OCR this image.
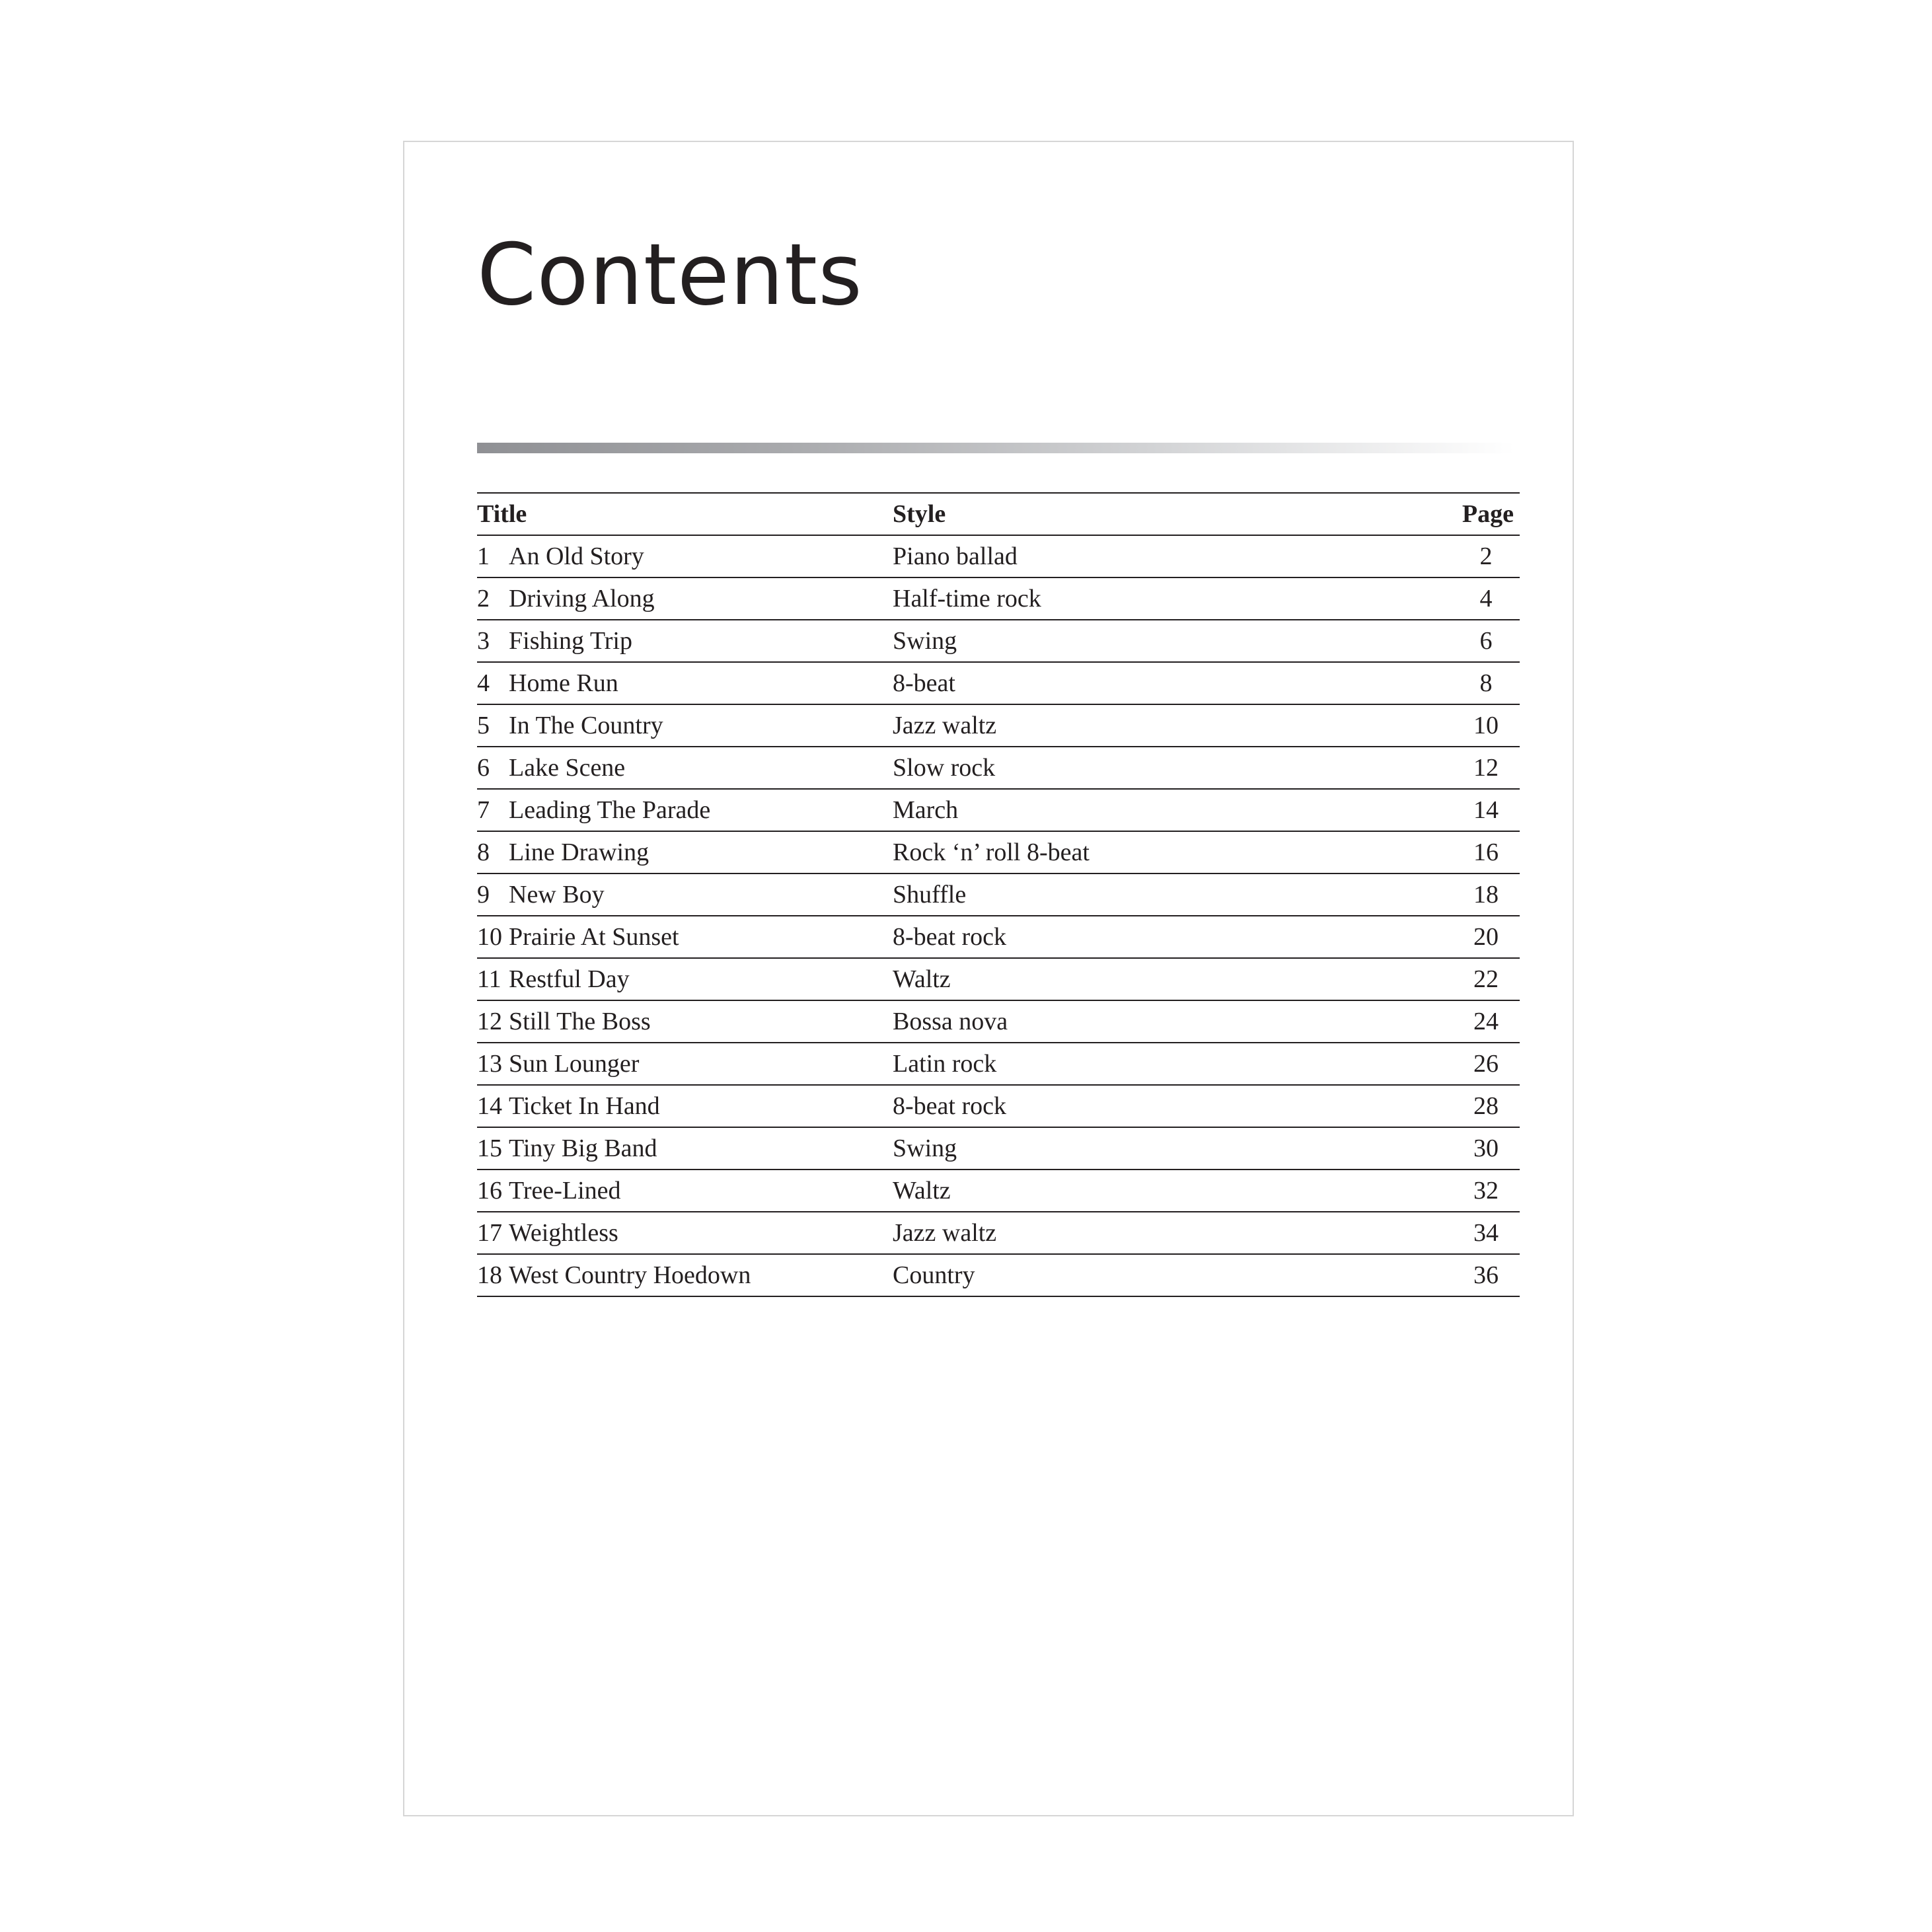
Contents
Title	Style	Page
1 An Old Story	Piano ballad	2
2 Driving Along	Half-time rock	4
3 Fishing Trip	Swing	6
4 Home Run	8-beat	8
5 In The Country	Jazz waltz	10
6 Lake Scene	Slow rock	12
7 Leading The Parade	March	14
8 Line Drawing	Rock ‘n’ roll 8-beat	16
9 New Boy	Shuffle	18
10 Prairie At Sunset	8-beat rock	20
11 Restful Day	Waltz	22
12 Still The Boss	Bossa nova	24
13 Sun Lounger	Latin rock	26
14 Ticket In Hand	8-beat rock	28
15 Tiny Big Band	Swing	30
16 Tree-Lined	Waltz	32
17 Weightless	Jazz waltz	34
18 West Country Hoedown	Country	36
